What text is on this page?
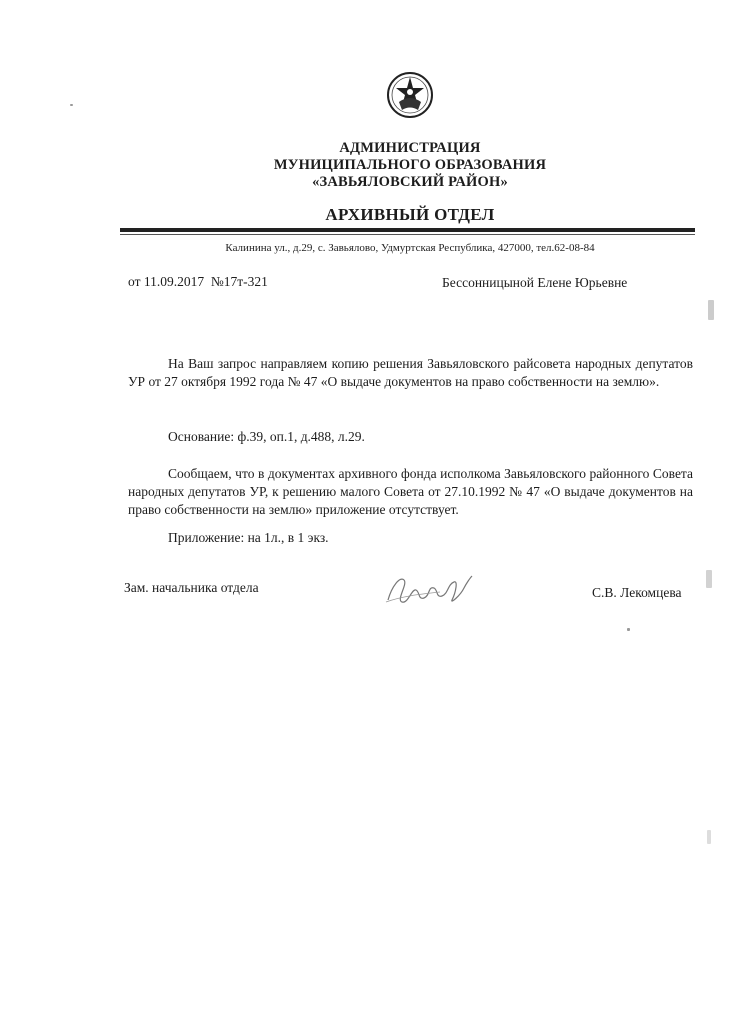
АДМИНИСТРАЦИЯ
МУНИЦИПАЛЬНОГО ОБРАЗОВАНИЯ
«ЗАВЬЯЛОВСКИЙ РАЙОН»
АРХИВНЫЙ ОТДЕЛ
Калинина ул., д.29, с. Завьялово, Удмуртская Республика, 427000, тел.62-08-84
от 11.09.2017  №17т-321	Бессонницыной Елене Юрьевне

На Ваш запрос направляем копию решения Завьяловского райсовета народных депутатов УР от 27 октября 1992 года № 47 «О выдаче документов на право собственности на землю».

Основание: ф.39, оп.1, д.488, л.29.

Сообщаем, что в документах архивного фонда исполкома Завьяловского районного Совета народных депутатов УР, к решению малого Совета от 27.10.1992 № 47 «О выдаче документов на право собственности на землю» приложение отсутствует.

Приложение: на 1л., в 1 экз.

Зам. начальника отдела	С.В. Лекомцева
